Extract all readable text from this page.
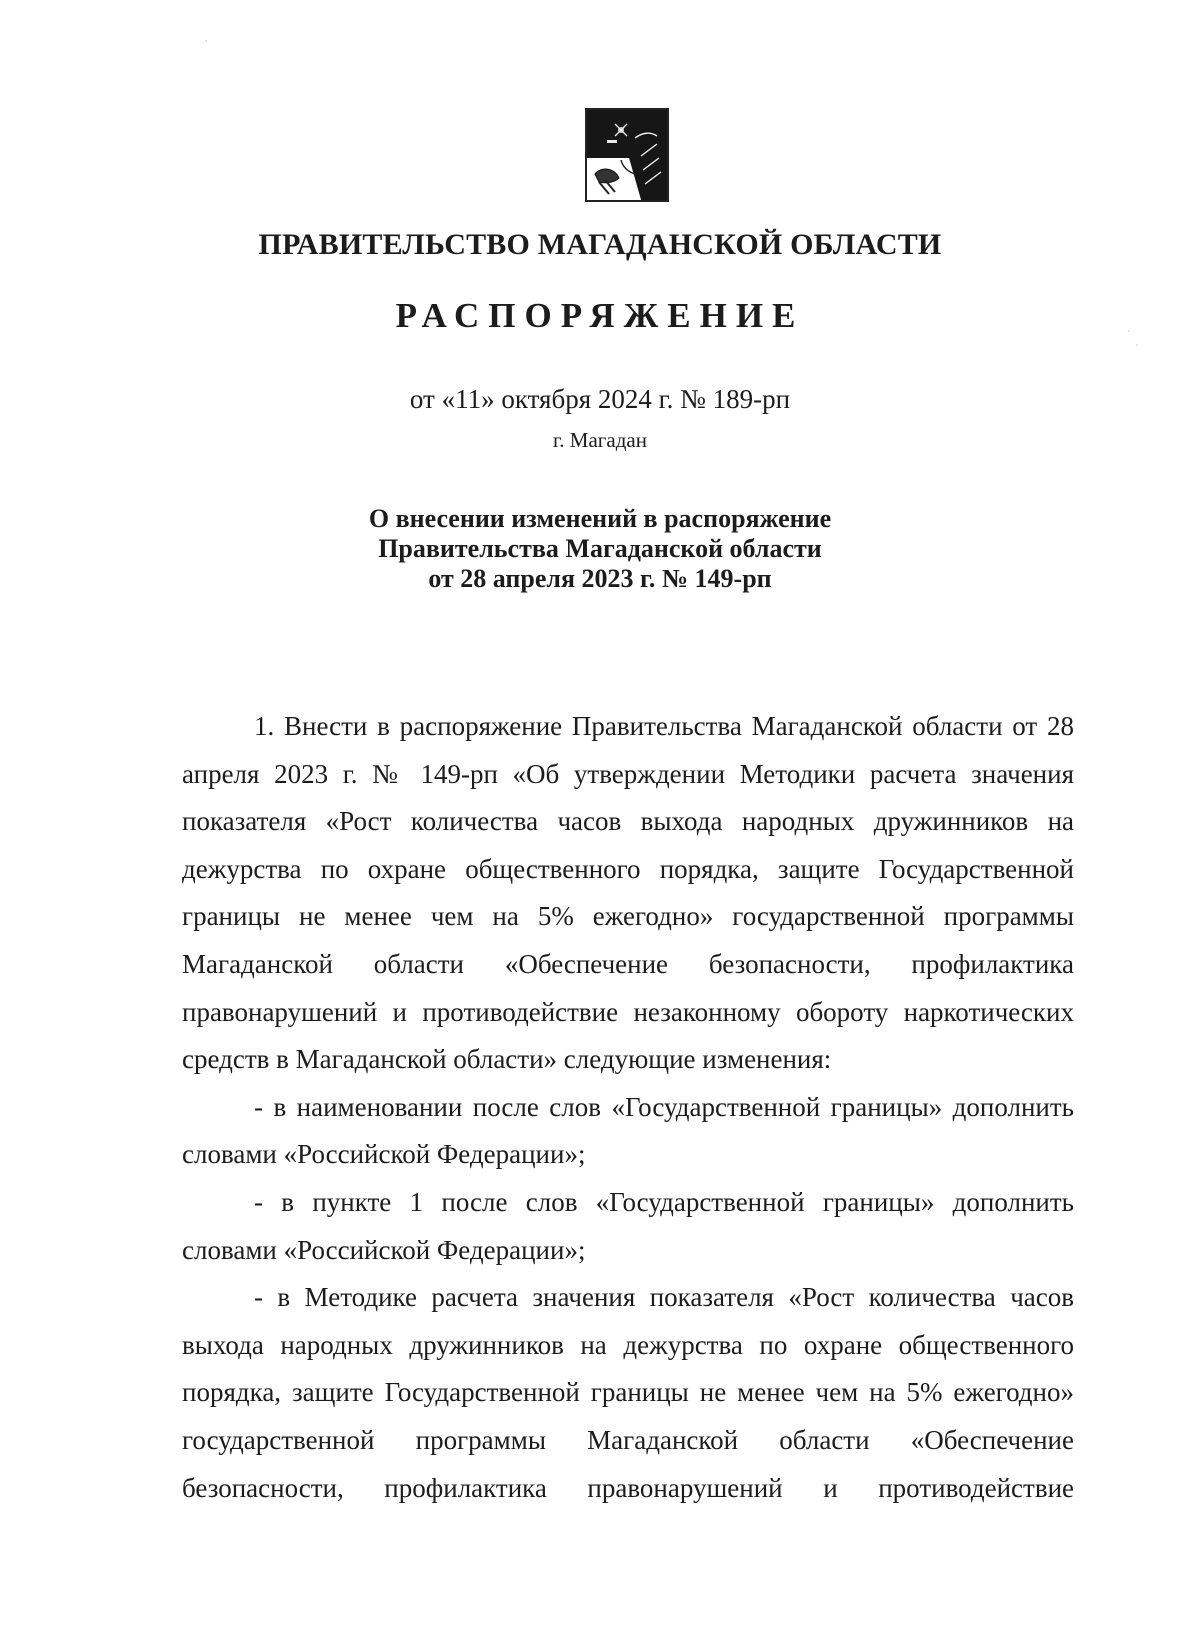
ПРАВИТЕЛЬСТВО МАГАДАНСКОЙ ОБЛАСТИ
РАСПОРЯЖЕНИЕ
от «11» октября 2024 г. № 189-рп
г. Магадан
О внесении изменений в распоряжение
Правительства Магаданской области
от 28 апреля 2023 г. № 149-рп

1. Внести в распоряжение Правительства Магаданской области от 28 апреля 2023 г. № 149-рп «Об утверждении Методики расчета значения показателя «Рост количества часов выхода народных дружинников на дежурства по охране общественного порядка, защите Государственной границы не менее чем на 5% ежегодно» государственной программы Магаданской области «Обеспечение безопасности, профилактика правонарушений и противодействие незаконному обороту наркотических средств в Магаданской области» следующие изменения:

- в наименовании после слов «Государственной границы» дополнить словами «Российской Федерации»;

- в пункте 1 после слов «Государственной границы» дополнить словами «Российской Федерации»;

- в Методике расчета значения показателя «Рост количества часов выхода народных дружинников на дежурства по охране общественного порядка, защите Государственной границы не менее чем на 5% ежегодно» государственной программы Магаданской области «Обеспечение безопасности, профилактика правонарушений и противодействие
